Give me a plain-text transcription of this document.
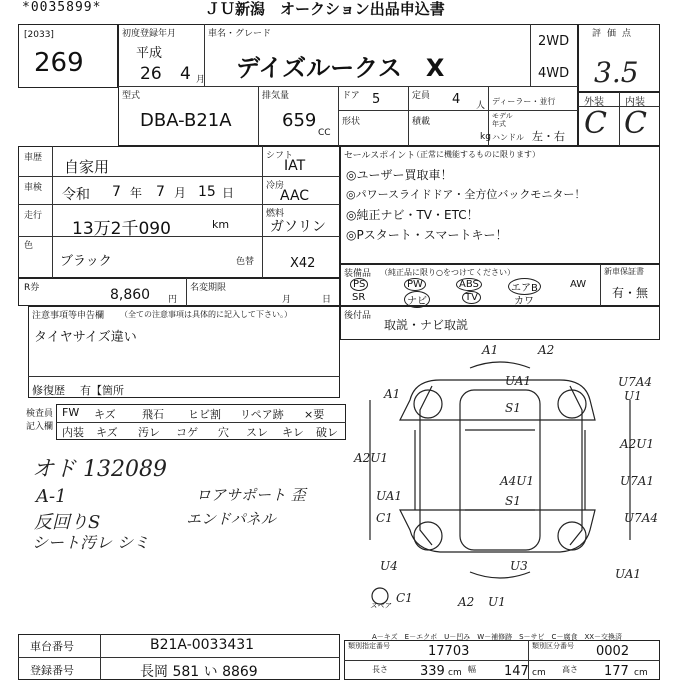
*0035899*	ＪＵ新潟　オークション出品申込書
[2033]
269
初度登録年月
平成
26 4 月
車名・グレード
デイズルークス　X
2WD
4WD
評価点
3.5
型式
DBA-B21A
排気量
659
CC
ドア 5	定員 4 人
形状	積載
kg
ディーラー・並行
モデル年式
ハンドル 左・右
外装 内装
C C
車歴 自家用
車検 令和 7 年 7 月 15 日
走行
13万2千090	km
シフト
IAT
冷房
AAC
燃料
ガソリン
色
ブラック	色替	X42
R券	8,860 円
名変期限
月	日
セールスポイント
（正常に機能するものに限ります）
◎ユーザー買取車！
◎パワースライドドア・全方位バックモニター！
◎純正ナビ・TV・ETC！
◎Pスタート・スマートキー！
装備品 （純正品に限り○をつけてください）
PS	PW	ABS	エアB	AW
SR	ナビ	TV	カワ
新車保証書
有・無
後付品
取説・ナビ取説
注意事項等申告欄 （全ての注意事項は具体的に記入して下さい。）
タイヤサイズ違い
修復歴 有【箇所
検査員記入欄
FW キズ 飛石 ヒビ割 リペア跡 ×要
内装 キズ 汚レ コゲ 穴 スレ キレ 破レ
オド 132089
A-1
反回りS
シート汚レ シミ
ロアサポート 歪
エンドパネル
A1	A2
A1
UA1
S1
U7A4
U1
A2U1
A2U1
A4U1
S1
U7A1
U7A4
UA1
C1
UA1
U4
C1
U3
A2 U1
スペア
A－キズ　E－エクボ　U－凹み　W－補修跡　S－サビ　C－腐食　XX－交換済
車台番号	B21A-0033431
登録番号	長岡 581 い 8869
類別指定番号	17703	類別区分番号 0002
長さ 339 cm 幅 147 cm 高さ 177 cm
